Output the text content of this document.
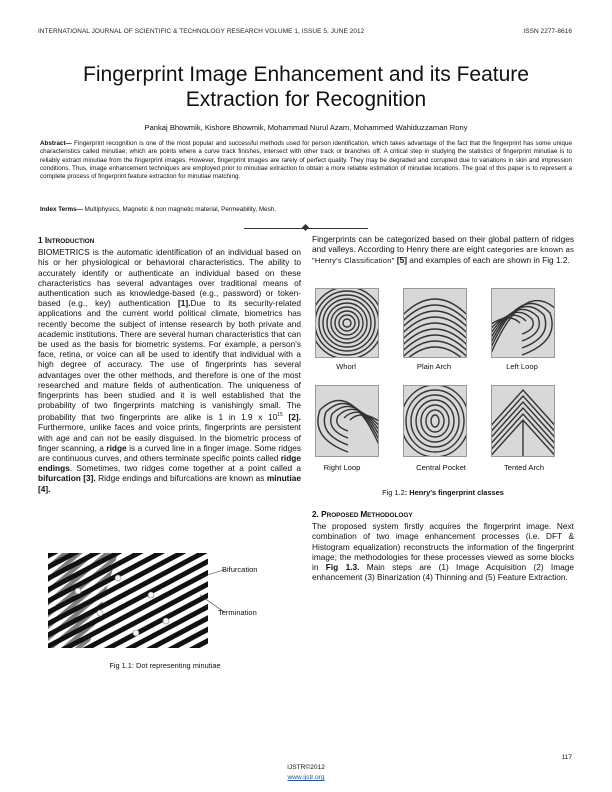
INTERNATIONAL JOURNAL OF SCIENTIFIC & TECHNOLOGY RESEARCH VOLUME 1, ISSUE 5, JUNE 2012	ISSN 2277-8616
Fingerprint Image Enhancement and its Feature
Extraction for Recognition
Pankaj Bhowmik, Kishore Bhowmik, Mohammad Nurul Azam, Mohammed Wahiduzzaman Rony

Abstract— Fingerprint recognition is one of the most popular and successful methods used for person identification, which takes advantage of the fact that the fingerprint has some unique characteristics called minutiae; which are points where a curve track finishes, intersect with other track or branches off. A critical step in studying the statistics of fingerprint minutiae is to reliably extract minutiae from the fingerprint images. However, fingerprint images are rarely of perfect quality. They may be degraded and corrupted due to variations in skin and impression conditions. Thus, image enhancement techniques are employed prior to minutiae extraction to obtain a more reliable estimation of minutiae locations. The goal of this paper is to represent a complete process of fingerprint feature extraction for minutiae matching.

Index Terms— Multiphysics, Magnetic & non magnetic material, Permeability, Mesh.

1 INTRODUCTION

BIOMETRICS is the automatic identification of an individual based on his or her physiological or behavioral characteristics. The ability to accurately identify or authenticate an individual based on these characteristics has several advantages over traditional means of authentication such as knowledge-based (e.g., password) or token-based (e.g., key) authentication [1].Due to its security-related applications and the current world political climate, biometrics has recently become the subject of intense research by both private and academic institutions. There are several human characteristics that can be used as the basis for biometric systems. For example, a person's face, retina, or voice can all be used to identify that individual with a high degree of accuracy. The use of fingerprints has several advantages over the other methods, and therefore is one of the most researched and mature fields of authentication. The uniqueness of fingerprints has been studied and it is well established that the probability of two fingerprints matching is vanishingly small. The probability that two fingerprints are alike is 1 in 1.9 x $10^{15}$ [2]. Furthermore, unlike faces and voice prints, fingerprints are persistent with age and can not be easily disguised. In the biometric process of finger scanning, a ridge is a curved line in a finger image. Some ridges are continuous curves, and others terminate specific points called ridge endings. Sometimes, two ridges come together at a point called a bifurcation [3]. Ridge endings and bifurcations are known as minutiae [4].

Bifurcation
Termination
Fig 1.1: Dot representing minutiae

Fingerprints can be categorized based on their global pattern of ridges and valleys. According to Henry there are eight categories are known as "Henry's Classification" [5] and examples of each are shown in Fig 1.2.

Whorl	Plain Arch	Left Loop
Right Loop	Central Pocket	Tented Arch
Fig 1.2: Henry's fingerprint classes

2. PROPOSED METHODOLOGY

The proposed system firstly acquires the fingerprint image. Next combination of two image enhancement processes (i.e. DFT & Histogram equalization) reconstructs the information of the fingerprint image; the methodologies for these processes viewed as some blocks in Fig 1.3. Main steps are (1) Image Acquisition (2) Image enhancement (3) Binarization (4) Thinning and (5) Feature Extraction.

117
IJSTR©2012
www.ijstr.org
